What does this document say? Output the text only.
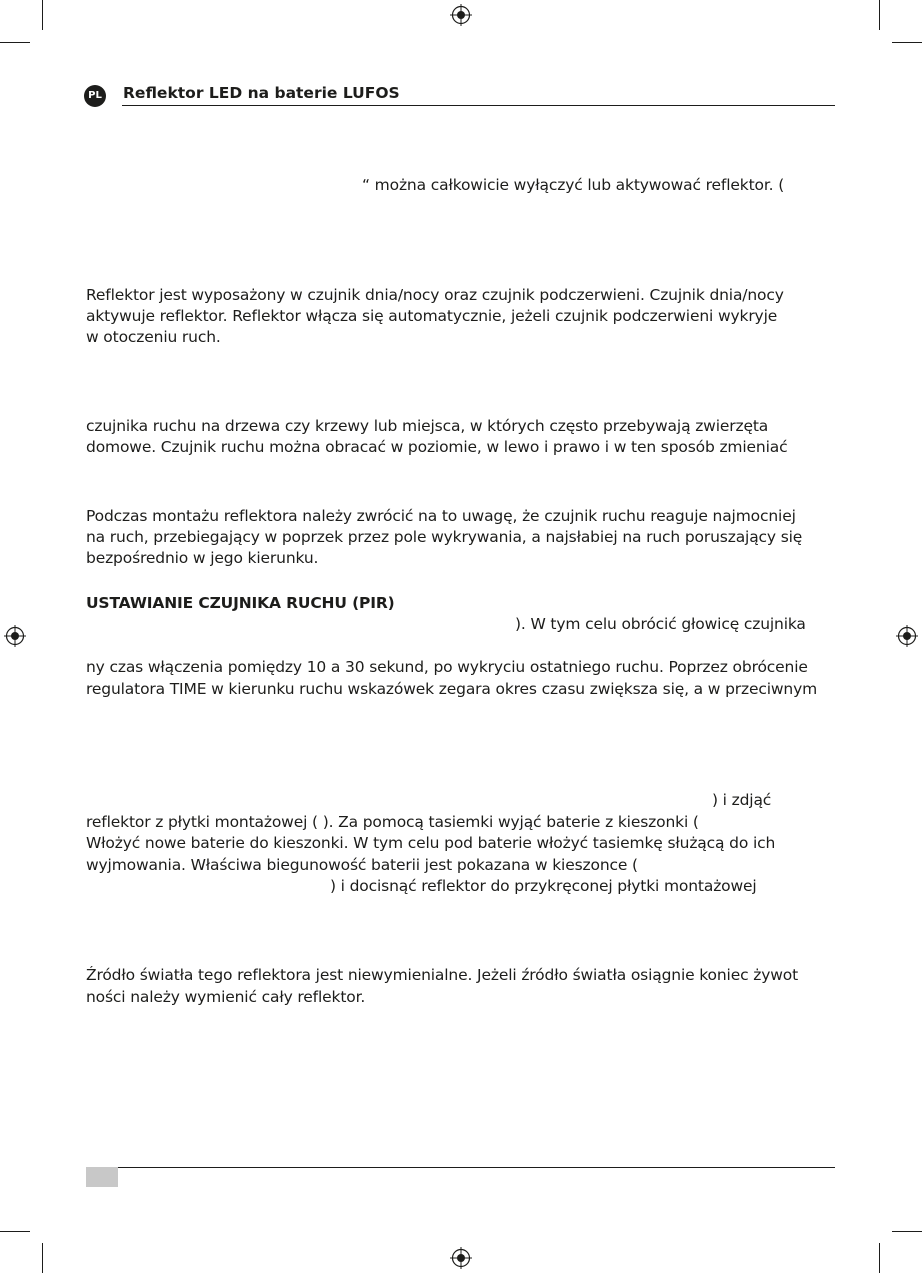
PL Reflektor LED na baterie LUFOS
“ można całkowicie wyłączyć lub aktywować reflektor. (
Reflektor jest wyposażony w czujnik dnia/nocy oraz czujnik podczerwieni. Czujnik dnia/nocy
aktywuje reflektor. Reflektor włącza się automatycznie, jeżeli czujnik podczerwieni wykryje
w otoczeniu ruch.
czujnika ruchu na drzewa czy krzewy lub miejsca, w których często przebywają zwierzęta
domowe. Czujnik ruchu można obracać w poziomie, w lewo i prawo i w ten sposób zmieniać
Podczas montażu reflektora należy zwrócić na to uwagę, że czujnik ruchu reaguje najmocniej
na ruch, przebiegający w poprzek przez pole wykrywania, a najsłabiej na ruch poruszający się
bezpośrednio w jego kierunku.
USTAWIANIE CZUJNIKA RUCHU (PIR)
). W tym celu obrócić głowicę czujnika
ny czas włączenia pomiędzy 10 a 30 sekund, po wykryciu ostatniego ruchu. Poprzez obrócenie
regulatora TIME w kierunku ruchu wskazówek zegara okres czasu zwiększa się, a w przeciwnym
) i zdjąć
reflektor z płytki montażowej ( ). Za pomocą tasiemki wyjąć baterie z kieszonki (
Włożyć nowe baterie do kieszonki. W tym celu pod baterie włożyć tasiemkę służącą do ich
wyjmowania. Właściwa biegunowość baterii jest pokazana w kieszonce (
) i docisnąć reflektor do przykręconej płytki montażowej
Źródło światła tego reflektora jest niewymienialne. Jeżeli źródło światła osiągnie koniec żywot
ności należy wymienić cały reflektor.
